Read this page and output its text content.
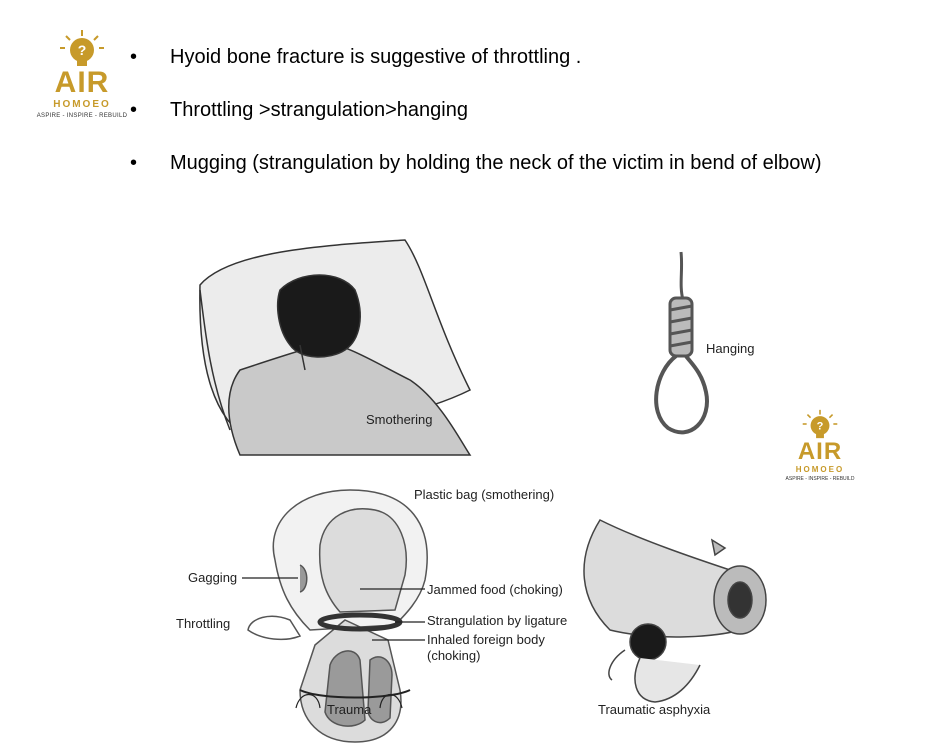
?
AIR
HOMOEO
ASPIRE - INSPIRE - REBUILD
• Hyoid bone fracture is suggestive of throttling .
• Throttling >strangulation>hanging
• Mugging (strangulation by holding the neck of the victim in bend of elbow)
?
AIR
HOMOEO
ASPIRE - INSPIRE - REBUILD
Smothering
Hanging
Plastic bag (smothering)
Gagging
Jammed food (choking)
Throttling	Strangulation by ligature
Inhaled foreign body
(choking)
Trauma	Traumatic asphyxia
